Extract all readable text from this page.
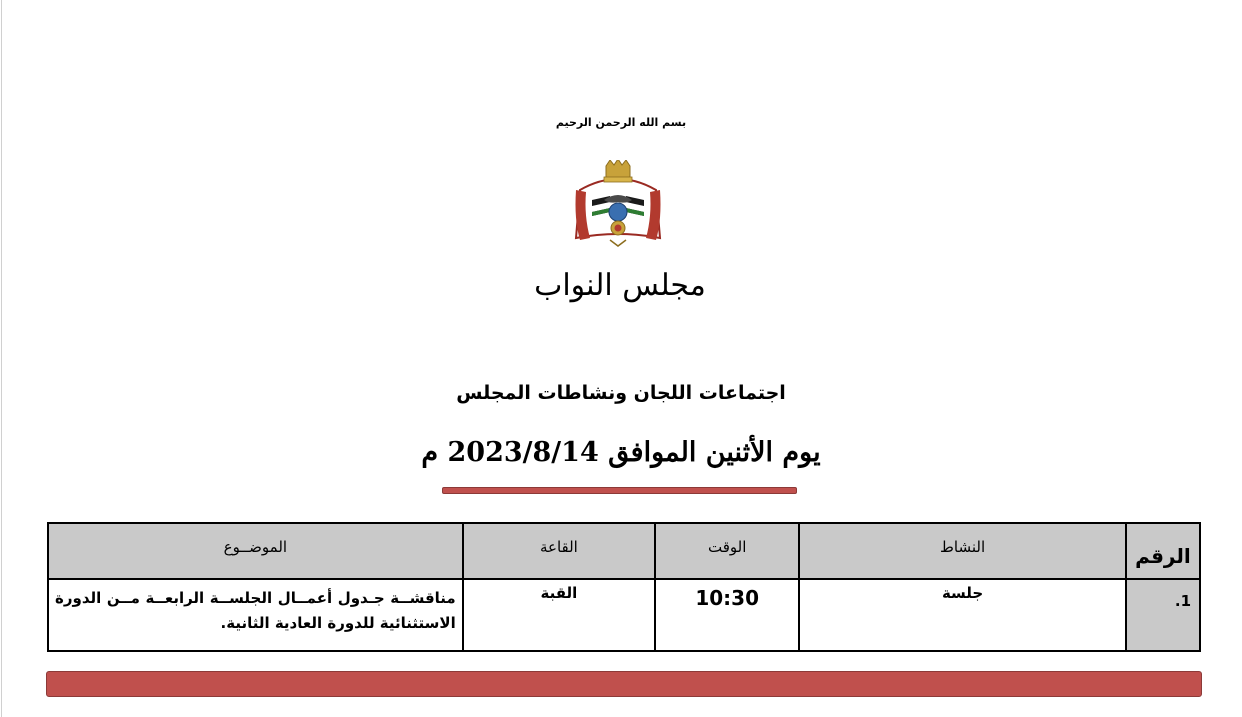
بسم الله الرحمن الرحيم
مجلس النواب
اجتماعات اللجان ونشاطات المجلس
يوم الأثنين الموافق 2023/8/14 م
الرقم	النشاط	الوقت	القاعة	الموضــوع
1.	جلسة	10:30	القبة	مناقشــة جـدول أعمــال الجلســة الرابعــة مــن الدورة الاستثنائية للدورة العادية الثانية.
